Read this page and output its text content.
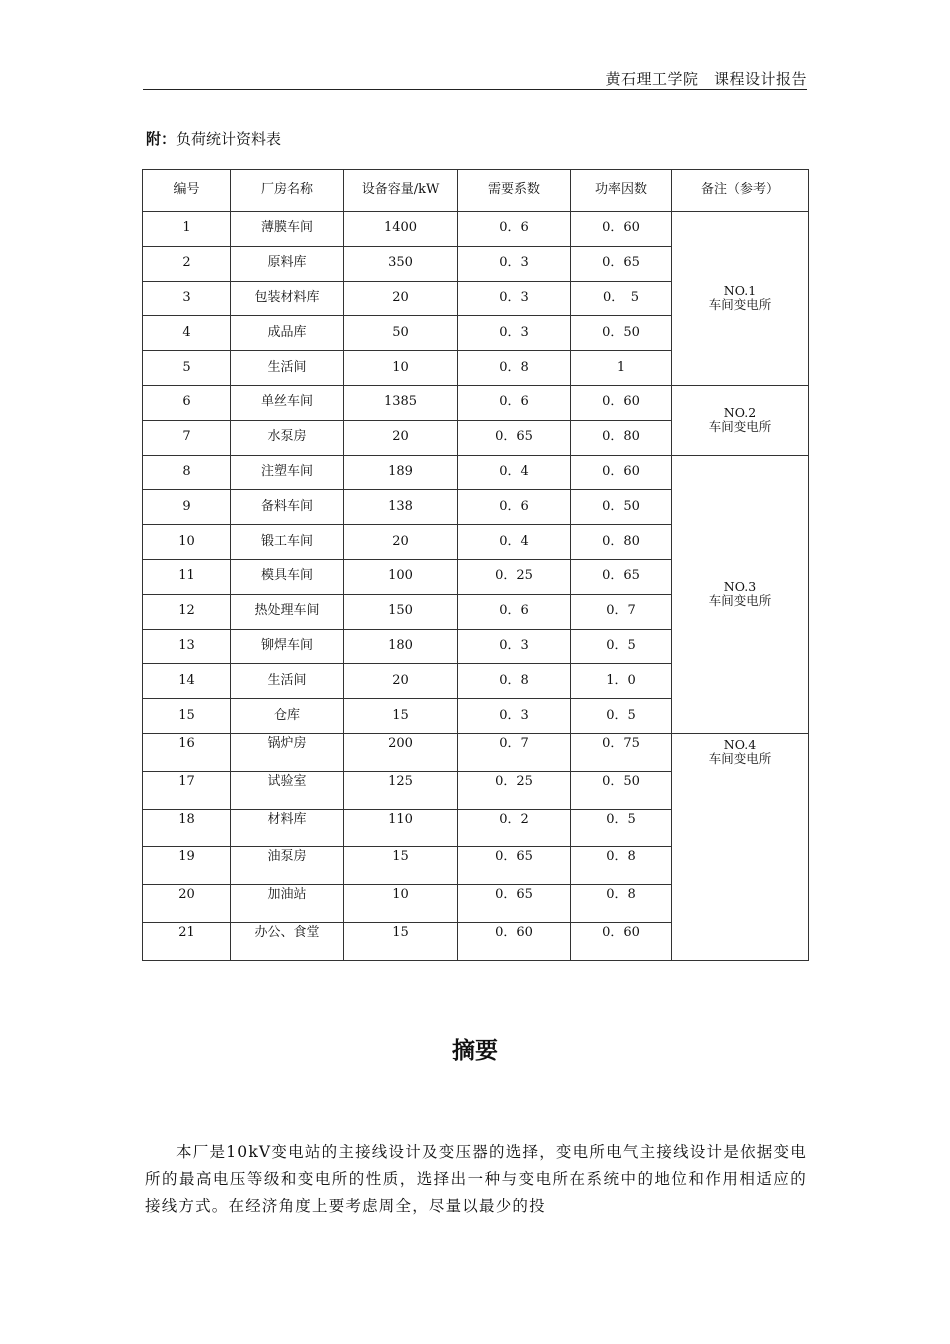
黄石理工学院　课程设计报告
附：负荷统计资料表
编号	厂房名称	设备容量/kW	需要系数	功率因数	备注（参考）
1	薄膜车间	1400	0．6	0．60	NO.1
车间变电所

2	原料库	350	0．3	0．65	
3	包装材料库	20	0．3	0．　5	
4	成品库	50	0．3	0．50	
5	生活间	10	0．8	1	
6	单丝车间	1385	0．6	0．60	NO.2
车间变电所

7	水泵房	20	0．65	0．80	
8	注塑车间	189	0．4	0．60	NO.3
车间变电所

9	备料车间	138	0．6	0．50	
10	锻工车间	20	0．4	0．80	
11	模具车间	100	0．25	0．65	
12	热处理车间	150	0．6	0．7	
13	铆焊车间	180	0．3	0．5	
14	生活间	20	0．8	1．0	
15	仓库	15	0．3	0．5	
16	锅炉房	200	0．7	0．75	NO.4
车间变电所

17	试验室	125	0．25	0．50	
18	材料库	110	0．2	0．5	
19	油泵房	15	0．65	0．8	
20	加油站	10	0．65	0．8	
21	办公、食堂	15	0．60	0．60	
摘要
本厂是10kV变电站的主接线设计及变压器的选择，变电所电气主接线设计是依据变电所的最高电压等级和变电所的性质，选择出一种与变电所在系统中的地位和作用相适应的接线方式。在经济角度上要考虑周全，尽量以最少的投
